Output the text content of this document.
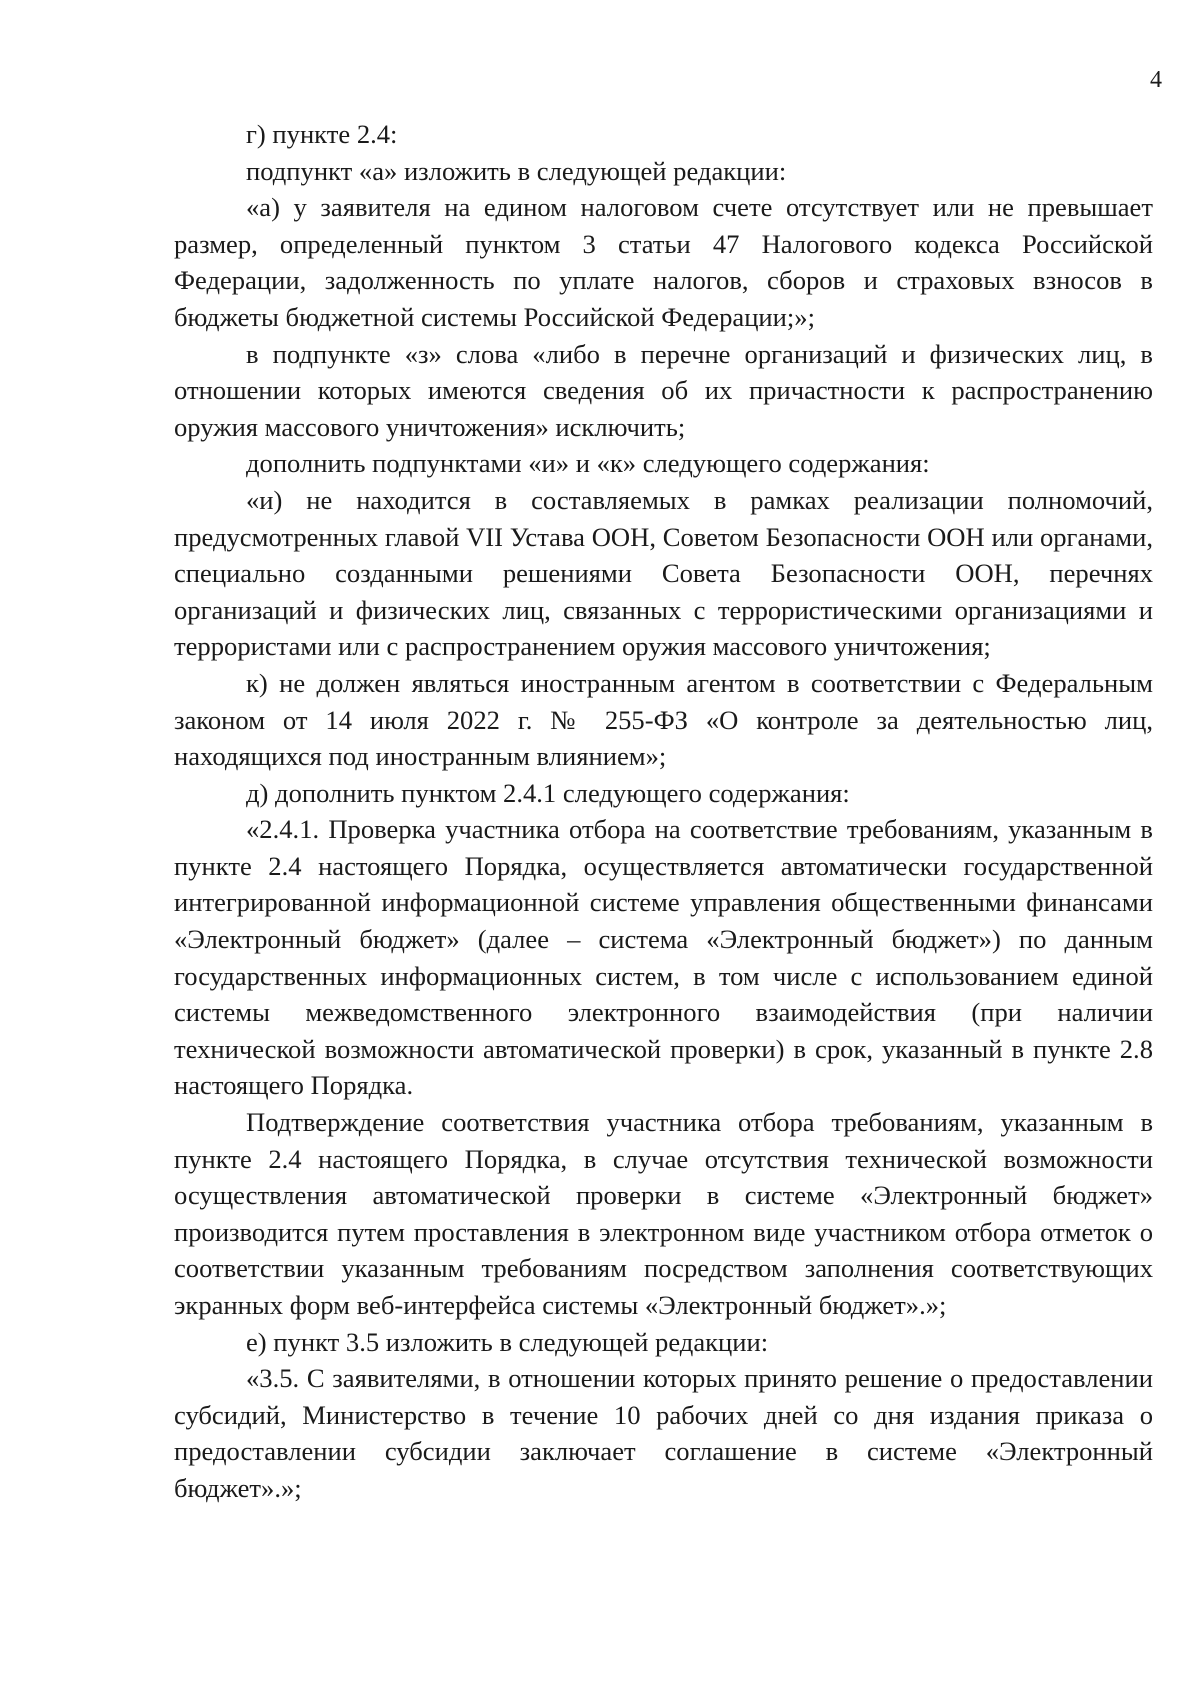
4

г) пункте 2.4:

подпункт «а» изложить в следующей редакции:

«а) у заявителя на едином налоговом счете отсутствует или не превышает размер, определенный пунктом 3 статьи 47 Налогового кодекса Российской Федерации, задолженность по уплате налогов, сборов и страховых взносов в бюджеты бюджетной системы Российской Федерации;»;

в подпункте «з» слова «либо в перечне организаций и физических лиц, в отношении которых имеются сведения об их причастности к распространению оружия массового уничтожения» исключить;

дополнить подпунктами «и» и «к» следующего содержания:

«и) не находится в составляемых в рамках реализации полномочий, предусмотренных главой VII Устава ООН, Советом Безопасности ООН или органами, специально созданными решениями Совета Безопасности ООН, перечнях организаций и физических лиц, связанных с террористическими организациями и террористами или с распространением оружия массового уничтожения;

к) не должен являться иностранным агентом в соответствии с Федеральным законом от 14 июля 2022 г. № 255-ФЗ «О контроле за деятельностью лиц, находящихся под иностранным влиянием»;

д) дополнить пунктом 2.4.1 следующего содержания:

«2.4.1. Проверка участника отбора на соответствие требованиям, указанным в пункте 2.4 настоящего Порядка, осуществляется автоматически государственной интегрированной информационной системе управления общественными финансами «Электронный бюджет» (далее – система «Электронный бюджет») по данным государственных информационных систем, в том числе с использованием единой системы межведомственного электронного взаимодействия (при наличии технической возможности автоматической проверки) в срок, указанный в пункте 2.8 настоящего Порядка.

Подтверждение соответствия участника отбора требованиям, указанным в пункте 2.4 настоящего Порядка, в случае отсутствия технической возможности осуществления автоматической проверки в системе «Электронный бюджет» производится путем проставления в электронном виде участником отбора отметок о соответствии указанным требованиям посредством заполнения соответствующих экранных форм веб-интерфейса системы «Электронный бюджет».»;

е) пункт 3.5 изложить в следующей редакции:

«3.5. С заявителями, в отношении которых принято решение о предоставлении субсидий, Министерство в течение 10 рабочих дней со дня издания приказа о предоставлении субсидии заключает соглашение в системе «Электронный бюджет».»;
